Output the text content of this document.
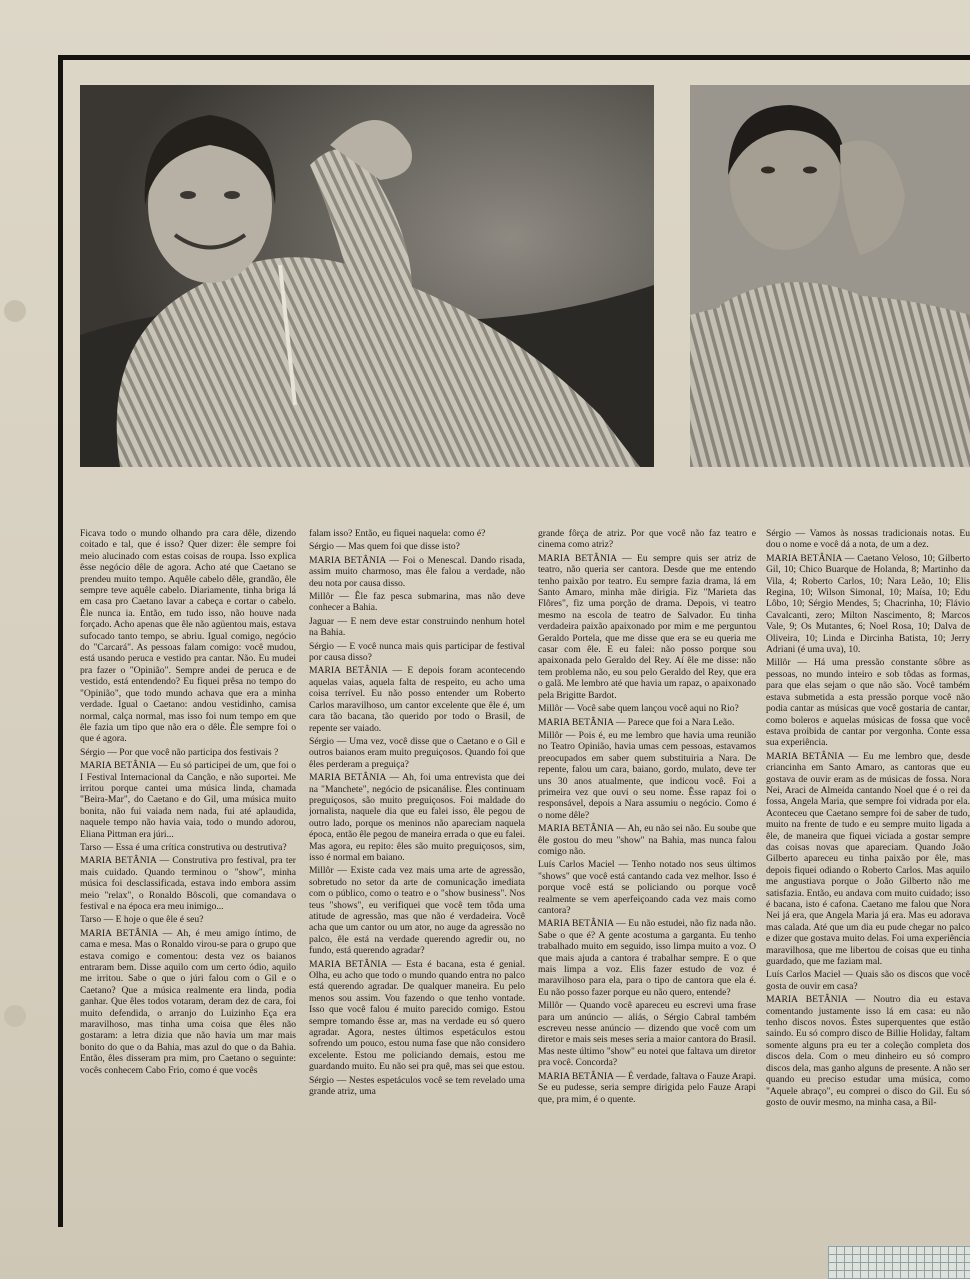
Ficava todo o mundo olhando pra cara dêle, dizendo coitado e tal, que é isso? Quer dizer: êle sempre foi meio alucinado com estas coisas de roupa. Isso explica êsse negócio dêle de agora. Acho até que Caetano se prendeu muito tempo. Aquêle cabelo dêle, grandão, êle sempre teve aquêle cabelo. Diariamente, tinha briga lá em casa pro Caetano lavar a cabeça e cortar o cabelo. Êle nunca ia. Então, em tudo isso, não houve nada forçado. Acho apenas que êle não agüentou mais, estava sufocado tanto tempo, se abriu. Igual comigo, negócio do "Carcará". As pessoas falam comigo: você mudou, está usando peruca e vestido pra cantar. Não. Eu mudei pra fazer o "Opinião". Sempre andei de peruca e de vestido, está entendendo? Eu fiquei prêsa no tempo do "Opinião", que todo mundo achava que era a minha verdade. Igual o Caetano: andou vestidinho, camisa normal, calça normal, mas isso foi num tempo em que êle fazia um tipo que não era o dêle. Êle sempre foi o que é agora.

Sérgio — Por que você não participa dos festivais ?

MARIA BETÂNIA — Eu só participei de um, que foi o I Festival Internacional da Canção, e não suportei. Me irritou porque cantei uma música linda, chamada "Beira-Mar", do Caetano e do Gil, uma música muito bonita, não fui vaiada nem nada, fui até aplaudida, naquele tempo não havia vaia, todo o mundo adorou, Eliana Pittman era júri...

Tarso — Essa é uma crítica construtiva ou destrutiva?

MARIA BETÂNIA — Construtiva pro festival, pra ter mais cuidado. Quando terminou o "show", minha música foi desclassificada, estava indo embora assim meio "relax", o Ronaldo Bôscoli, que comandava o festival e na época era meu inimigo...

Tarso — E hoje o que êle é seu?

MARIA BETÂNIA — Ah, é meu amigo íntimo, de cama e mesa. Mas o Ronaldo virou-se para o grupo que estava comigo e comentou: desta vez os baianos entraram bem. Disse aquilo com um certo ódio, aquilo me irritou. Sabe o que o júri falou com o Gil e o Caetano? Que a música realmente era linda, podia ganhar. Que êles todos votaram, deram dez de cara, foi muito defendida, o arranjo do Luizinho Eça era maravilhoso, mas tinha uma coisa que êles não gostaram: a letra dizia que não havia um mar mais bonito do que o da Bahia, mas azul do que o da Bahia. Então, êles disseram pra mim, pro Caetano o seguinte: vocês conhecem Cabo Frio, como é que vocês

falam isso? Então, eu fiquei naquela: como é?

Sérgio — Mas quem foi que disse isto?

MARIA BETÂNIA — Foi o Menescal. Dando risada, assim muito charmoso, mas êle falou a verdade, não deu nota por causa disso.

Millôr — Êle faz pesca submarina, mas não deve conhecer a Bahia.

Jaguar — E nem deve estar construindo nenhum hotel na Bahia.

Sérgio — E você nunca mais quis participar de festival por causa disso?

MARIA BETÂNIA — E depois foram acontecendo aquelas vaias, aquela falta de respeito, eu acho uma coisa terrível. Eu não posso entender um Roberto Carlos maravilhoso, um cantor excelente que êle é, um cara tão bacana, tão querido por todo o Brasil, de repente ser vaiado.

Sérgio — Uma vez, você disse que o Caetano e o Gil e outros baianos eram muito preguiçosos. Quando foi que êles perderam a preguiça?

MARIA BETÂNIA — Ah, foi uma entrevista que dei na "Manchete", negócio de psicanálise. Êles continuam preguiçosos, são muito preguiçosos. Foi maldade do jornalista, naquele dia que eu falei isso, êle pegou de outro lado, porque os meninos não apareciam naquela época, então êle pegou de maneira errada o que eu falei. Mas agora, eu repito: êles são muito preguiçosos, sim, isso é normal em baiano.

Millôr — Existe cada vez mais uma arte de agressão, sobretudo no setor da arte de comunicação imediata com o público, como o teatro e o "show business". Nos teus "shows", eu verifiquei que você tem tôda uma atitude de agressão, mas que não é verdadeira. Você acha que um cantor ou um ator, no auge da agressão no palco, êle está na verdade querendo agredir ou, no fundo, está querendo agradar?

MARIA BETÂNIA — Esta é bacana, esta é genial. Olha, eu acho que todo o mundo quando entra no palco está querendo agradar. De qualquer maneira. Eu pelo menos sou assim. Vou fazendo o que tenho vontade. Isso que você falou é muito parecido comigo. Estou sempre tomando êsse ar, mas na verdade eu só quero agradar. Agora, nestes últimos espetáculos estou sofrendo um pouco, estou numa fase que não considero excelente. Estou me policiando demais, estou me guardando muito. Eu não sei pra quê, mas sei que estou.

Sérgio — Nestes espetáculos você se tem revelado uma grande atriz, uma

grande fôrça de atriz. Por que você não faz teatro e cinema como atriz?

MARIA BETÂNIA — Eu sempre quis ser atriz de teatro, não queria ser cantora. Desde que me entendo tenho paixão por teatro. Eu sempre fazia drama, lá em Santo Amaro, minha mãe dirigia. Fiz "Marieta das Flôres", fiz uma porção de drama. Depois, vi teatro mesmo na escola de teatro de Salvador. Eu tinha verdadeira paixão apaixonado por mim e me perguntou Geraldo Portela, que me disse que era se eu queria me casar com êle. E eu falei: não posso porque sou apaixonada pelo Geraldo del Rey. Aí êle me disse: não tem problema não, eu sou pelo Geraldo del Rey, que era o galã. Me lembro até que havia um rapaz, o apaixonado pela Brigitte Bardot.

Millôr — Você sabe quem lançou você aqui no Rio?

MARIA BETÂNIA — Parece que foi a Nara Leão.

Millôr — Pois é, eu me lembro que havia uma reunião no Teatro Opinião, havia umas cem pessoas, estavamos preocupados em saber quem substituiria a Nara. De repente, falou um cara, baiano, gordo, mulato, deve ter uns 30 anos atualmente, que indicou você. Foi a primeira vez que ouvi o seu nome. Êsse rapaz foi o responsável, depois a Nara assumiu o negócio. Como é o nome dêle?

MARIA BETÂNIA — Ah, eu não sei não. Eu soube que êle gostou do meu "show" na Bahia, mas nunca falou comigo não.

Luís Carlos Maciel — Tenho notado nos seus últimos "shows" que você está cantando cada vez melhor. Isso é porque você está se policiando ou porque você realmente se vem aperfeiçoando cada vez mais como cantora?

MARIA BETÂNIA — Eu não estudei, não fiz nada não. Sabe o que é? A gente acostuma a garganta. Eu tenho trabalhado muito em seguido, isso limpa muito a voz. O que mais ajuda a cantora é trabalhar sempre. E o que mais limpa a voz. Elis fazer estudo de voz é maravilhoso para ela, para o tipo de cantora que ela é. Eu não posso fazer porque eu não quero, entende?

Millôr — Quando você apareceu eu escrevi uma frase para um anúncio — aliás, o Sérgio Cabral também escreveu nesse anúncio — dizendo que você com um diretor e mais seis meses seria a maior cantora do Brasil. Mas neste último "show" eu notei que faltava um diretor pra você. Concorda?

MARIA BETÂNIA — É verdade, faltava o Fauze Arapi. Se eu pudesse, seria sempre dirigida pelo Fauze Arapi que, pra mim, é o quente.

Sérgio — Vamos às nossas tradicionais notas. Eu dou o nome e você dá a nota, de um a dez.

MARIA BETÂNIA — Caetano Veloso, 10; Gilberto Gil, 10; Chico Buarque de Holanda, 8; Martinho da Vila, 4; Roberto Carlos, 10; Nara Leão, 10; Elis Regina, 10; Wilson Simonal, 10; Maísa, 10; Edu Lôbo, 10; Sérgio Mendes, 5; Chacrinha, 10; Flávio Cavalcanti, zero; Milton Nascimento, 8; Marcos Vale, 9; Os Mutantes, 6; Noel Rosa, 10; Dalva de Oliveira, 10; Linda e Dircinha Batista, 10; Jerry Adriani (é uma uva), 10.

Millôr — Há uma pressão constante sôbre as pessoas, no mundo inteiro e sob tôdas as formas, para que elas sejam o que não são. Você também estava submetida a esta pressão porque você não podia cantar as músicas que você gostaria de cantar, como boleros e aquelas músicas de fossa que você estava proibida de cantar por vergonha. Conte essa sua experiência.

MARIA BETÂNIA — Eu me lembro que, desde criancinha em Santo Amaro, as cantoras que eu gostava de ouvir eram as de músicas de fossa. Nora Nei, Araci de Almeida cantando Noel que é o rei da fossa, Angela Maria, que sempre foi vidrada por ela. Aconteceu que Caetano sempre foi de saber de tudo, muito na frente de tudo e eu sempre muito ligada a êle, de maneira que fiquei viciada a gostar sempre das coisas novas que apareciam. Quando João Gilberto apareceu eu tinha paixão por êle, mas depois fiquei odiando o Roberto Carlos. Mas aquilo me angustiava porque o João Gilberto não me satisfazia. Então, eu andava com muito cuidado; isso é bacana, isto é cafona. Caetano me falou que Nora Nei já era, que Angela Maria já era. Mas eu adorava mas calada. Até que um dia eu pude chegar no palco e dizer que gostava muito delas. Foi uma experiência maravilhosa, que me libertou de coisas que eu tinha guardado, que me faziam mal.

Luís Carlos Maciel — Quais são os discos que você gosta de ouvir em casa?

MARIA BETÂNIA — Noutro dia eu estava comentando justamente isso lá em casa: eu não tenho discos novos. Êstes superquentes que estão saindo. Eu só compro disco de Billie Holiday, faltam somente alguns pra eu ter a coleção completa dos discos dela. Com o meu dinheiro eu só compro discos dela, mas ganho alguns de presente. A não ser quando eu preciso estudar uma música, como "Aquele abraço", eu comprei o disco do Gil. Eu só gosto de ouvir mesmo, na minha casa, a Bil-
